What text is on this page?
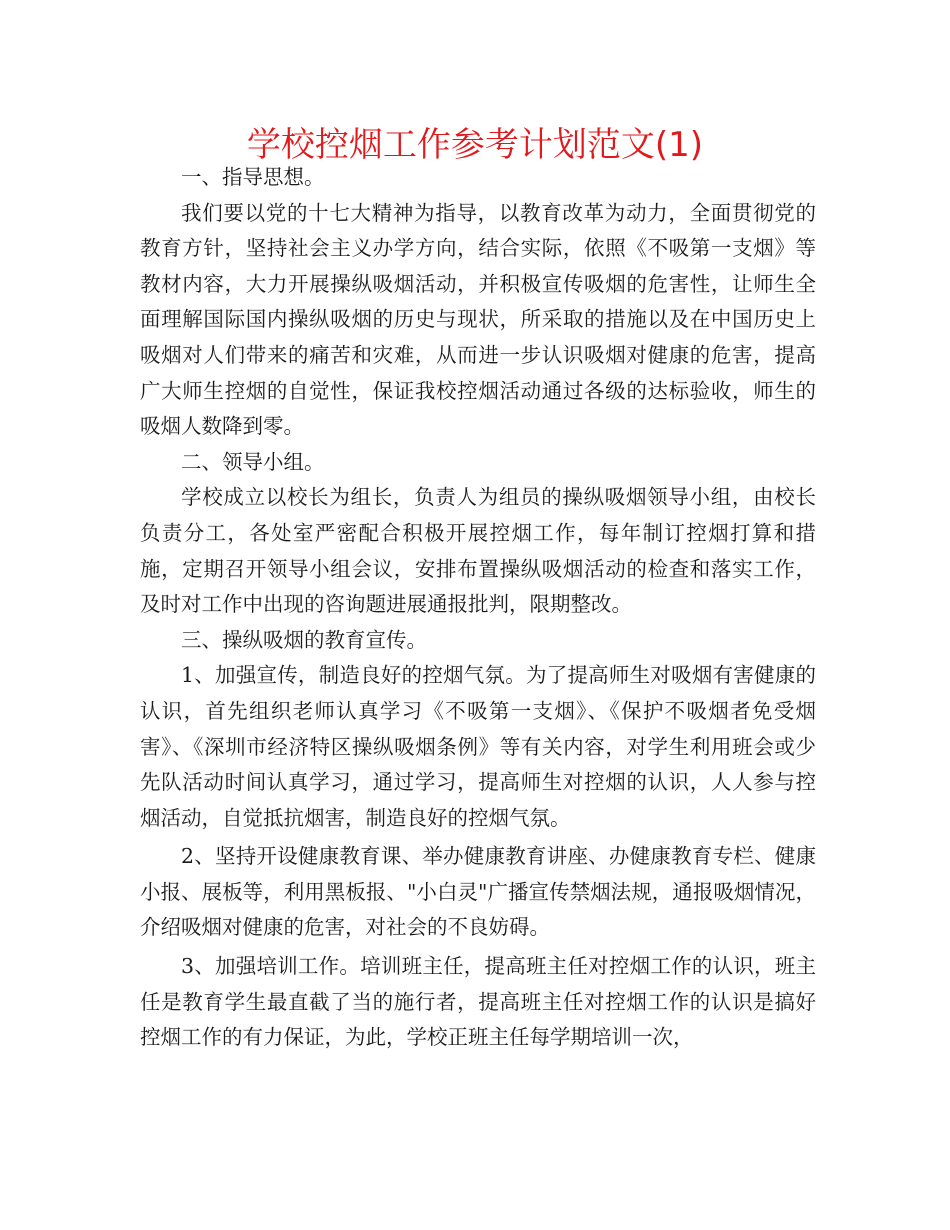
学校控烟工作参考计划范文(1)

一、指导思想。

我们要以党的十七大精神为指导，以教育改革为动力，全面贯彻党的教育方针，坚持社会主义办学方向，结合实际，依照《不吸第一支烟》等教材内容，大力开展操纵吸烟活动，并积极宣传吸烟的危害性，让师生全面理解国际国内操纵吸烟的历史与现状，所采取的措施以及在中国历史上吸烟对人们带来的痛苦和灾难，从而进一步认识吸烟对健康的危害，提高广大师生控烟的自觉性，保证我校控烟活动通过各级的达标验收，师生的吸烟人数降到零。

二、领导小组。

学校成立以校长为组长，负责人为组员的操纵吸烟领导小组，由校长负责分工，各处室严密配合积极开展控烟工作，每年制订控烟打算和措施，定期召开领导小组会议，安排布置操纵吸烟活动的检查和落实工作，及时对工作中出现的咨询题进展通报批判，限期整改。

三、操纵吸烟的教育宣传。

1、加强宣传，制造良好的控烟气氛。为了提高师生对吸烟有害健康的认识，首先组织老师认真学习《不吸第一支烟》、《保护不吸烟者免受烟害》、《深圳市经济特区操纵吸烟条例》等有关内容，对学生利用班会或少先队活动时间认真学习，通过学习，提高师生对控烟的认识，人人参与控烟活动，自觉抵抗烟害，制造良好的控烟气氛。

2、坚持开设健康教育课、举办健康教育讲座、办健康教育专栏、健康小报、展板等，利用黑板报、"小白灵"广播宣传禁烟法规，通报吸烟情况，介绍吸烟对健康的危害，对社会的不良妨碍。

3、加强培训工作。培训班主任，提高班主任对控烟工作的认识，班主任是教育学生最直截了当的施行者，提高班主任对控烟工作的认识是搞好控烟工作的有力保证，为此，学校正班主任每学期培训一次，
